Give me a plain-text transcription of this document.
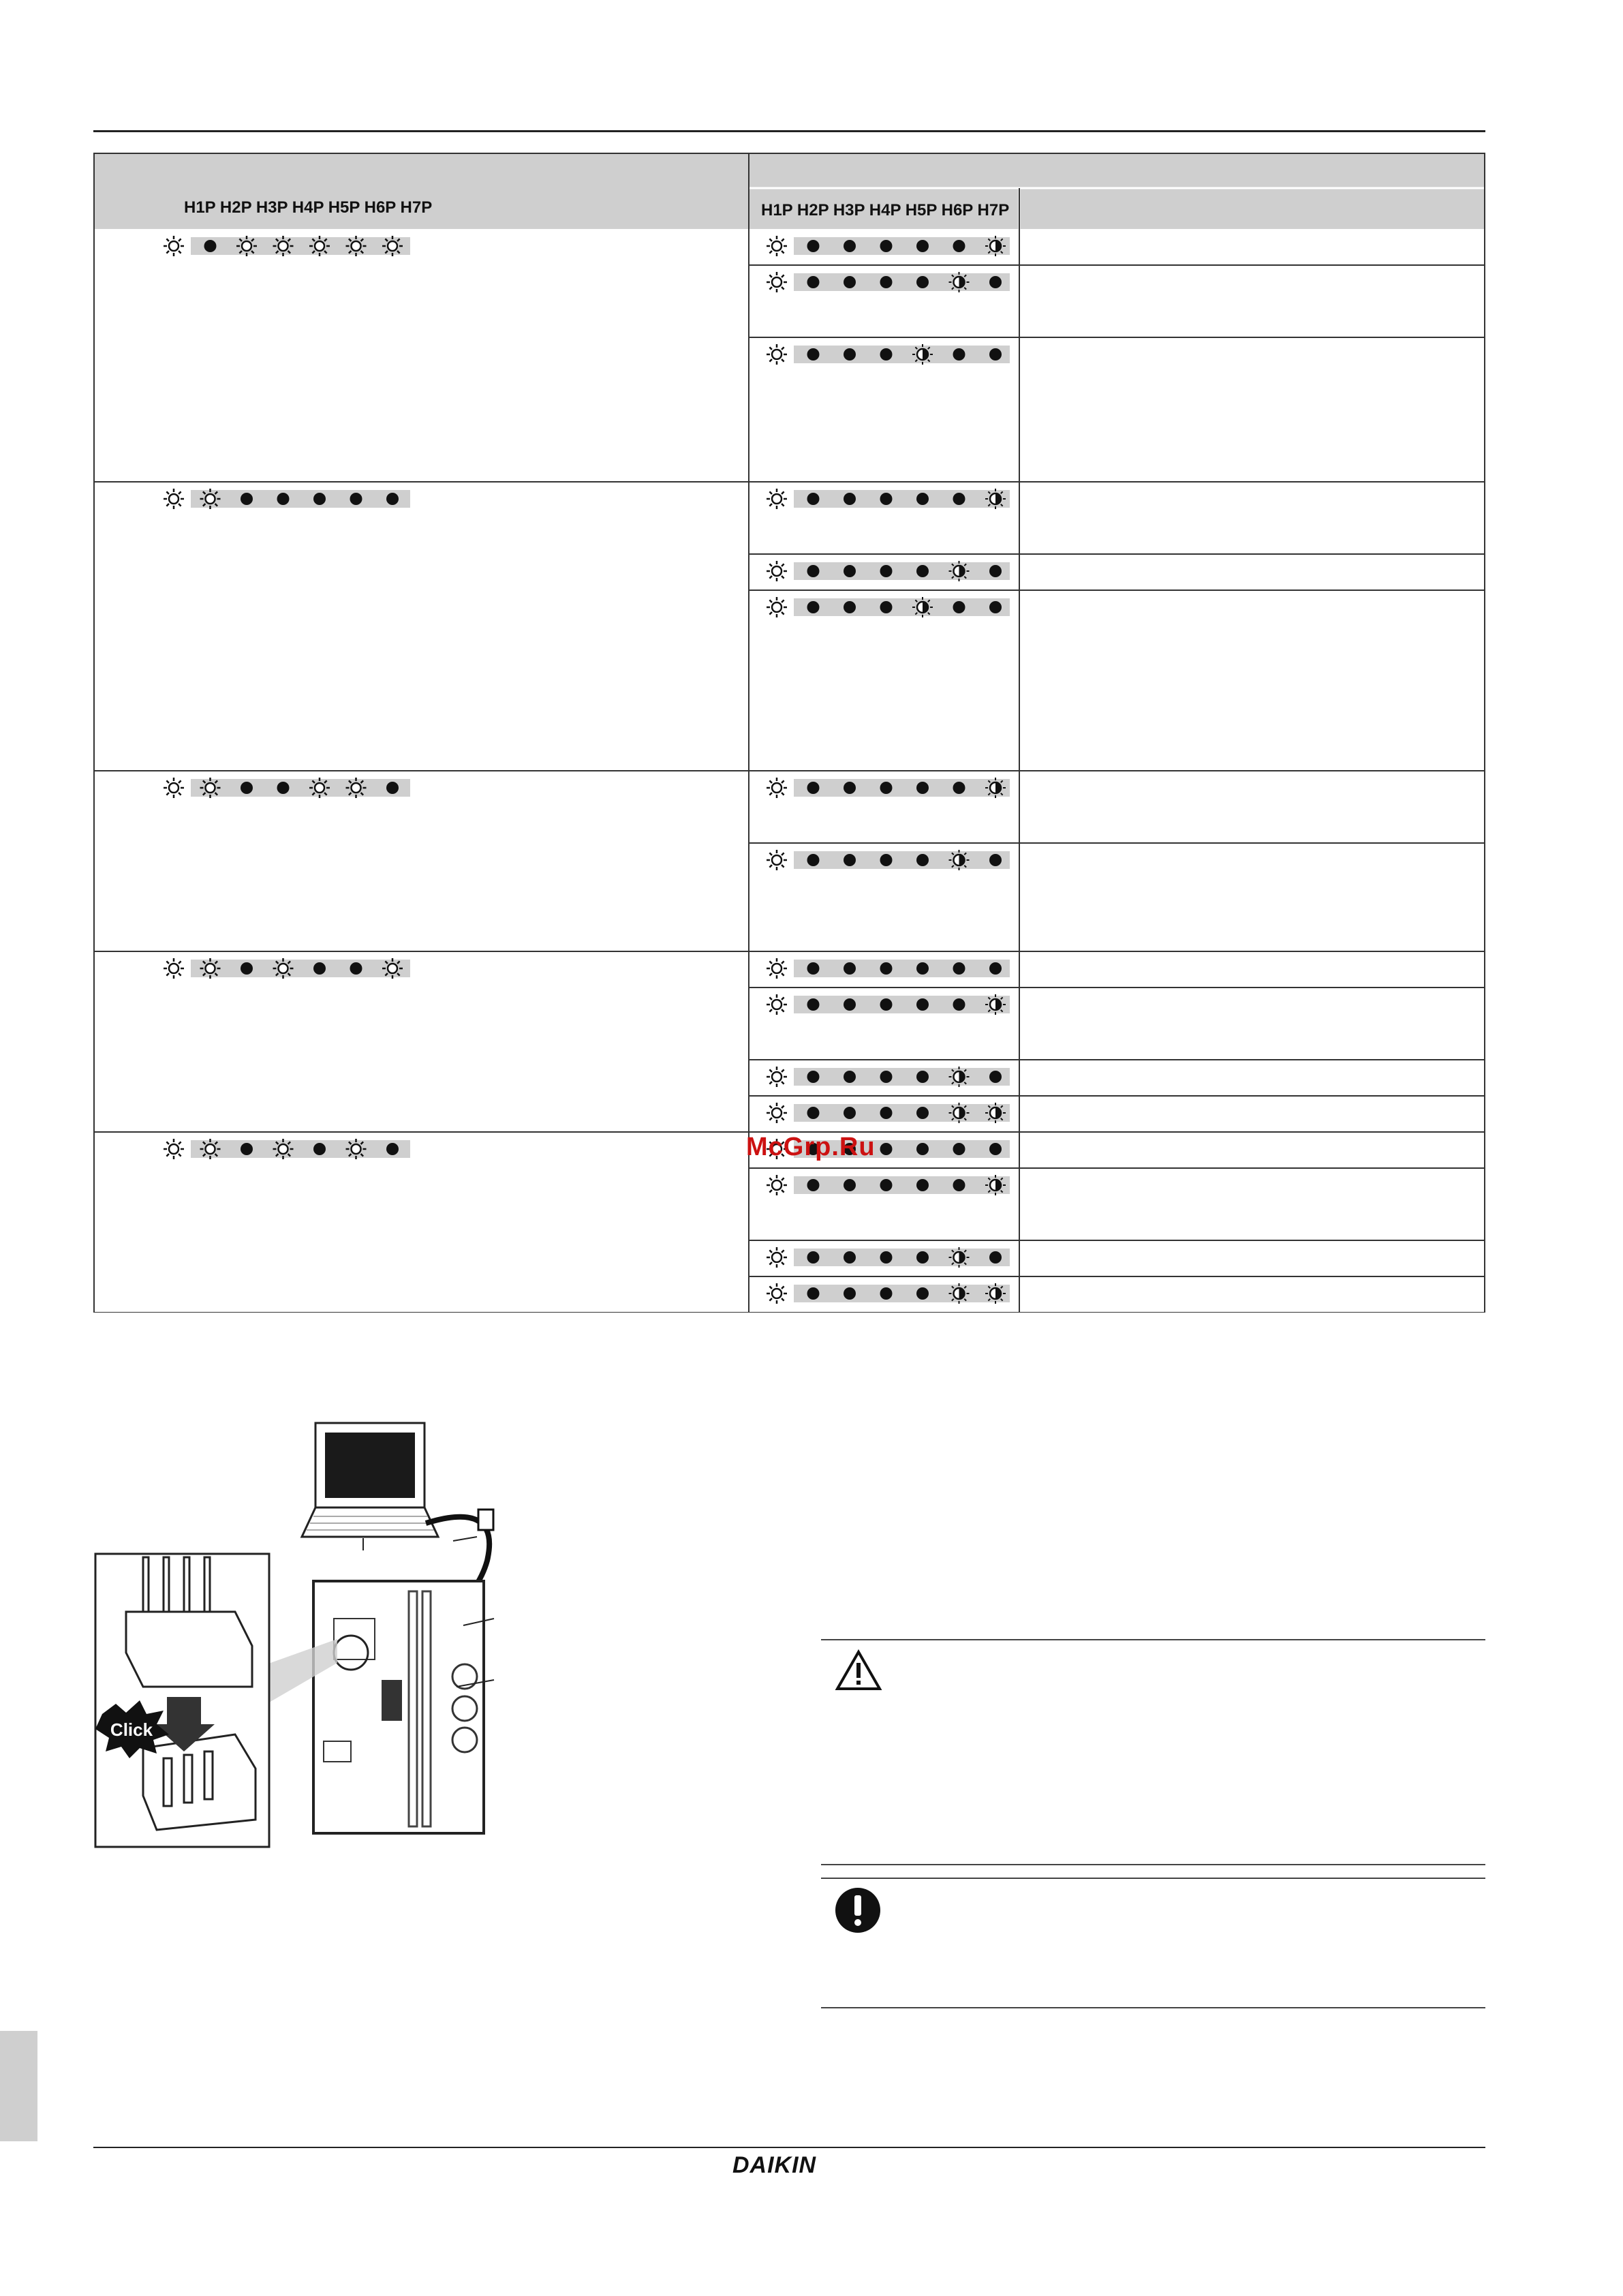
H1P H2P H3P H4P H5P H6P H7P	H1P H2P H3P H4P H5P H6P H7P
McGrp.Ru
Click
DAIKIN
